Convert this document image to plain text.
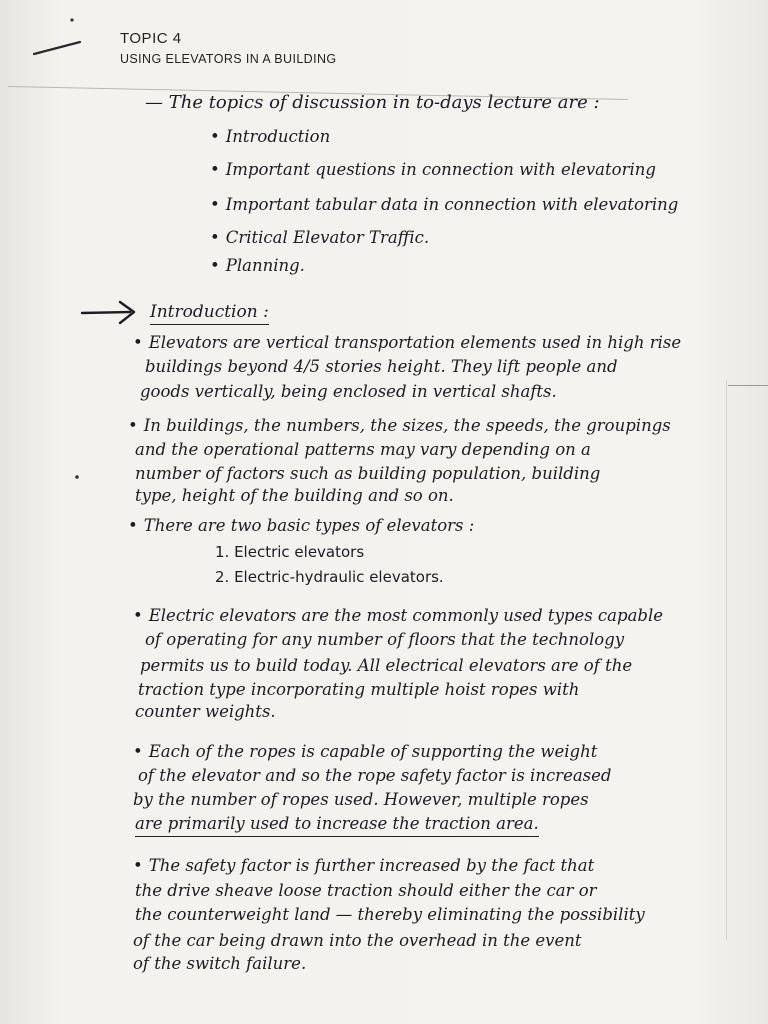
TOPIC 4
USING ELEVATORS IN A BUILDING
— The topics of discussion in to-days lecture are :
• Introduction
• Important questions in connection with elevatoring
• Important tabular data in connection with elevatoring
• Critical Elevator Traffic.
• Planning.
Introduction :
• Elevators are vertical transportation elements used in high rise
buildings beyond 4/5 stories height. They lift people and
goods vertically, being enclosed in vertical shafts.
• In buildings, the numbers, the sizes, the speeds, the groupings
and the operational patterns may vary depending on a
number of factors such as building population, building
type, height of the building and so on.
• There are two basic types of elevators :
1. Electric elevators
2. Electric-hydraulic elevators.
• Electric elevators are the most commonly used types capable
of operating for any number of floors that the technology
permits us to build today. All electrical elevators are of the
traction type incorporating multiple hoist ropes with
counter weights.
• Each of the ropes is capable of supporting the weight
of the elevator and so the rope safety factor is increased
by the number of ropes used. However, multiple ropes
are primarily used to increase the traction area.
• The safety factor is further increased by the fact that
the drive sheave loose traction should either the car or
the counterweight land — thereby eliminating the possibility
of the car being drawn into the overhead in the event
of the switch failure.
